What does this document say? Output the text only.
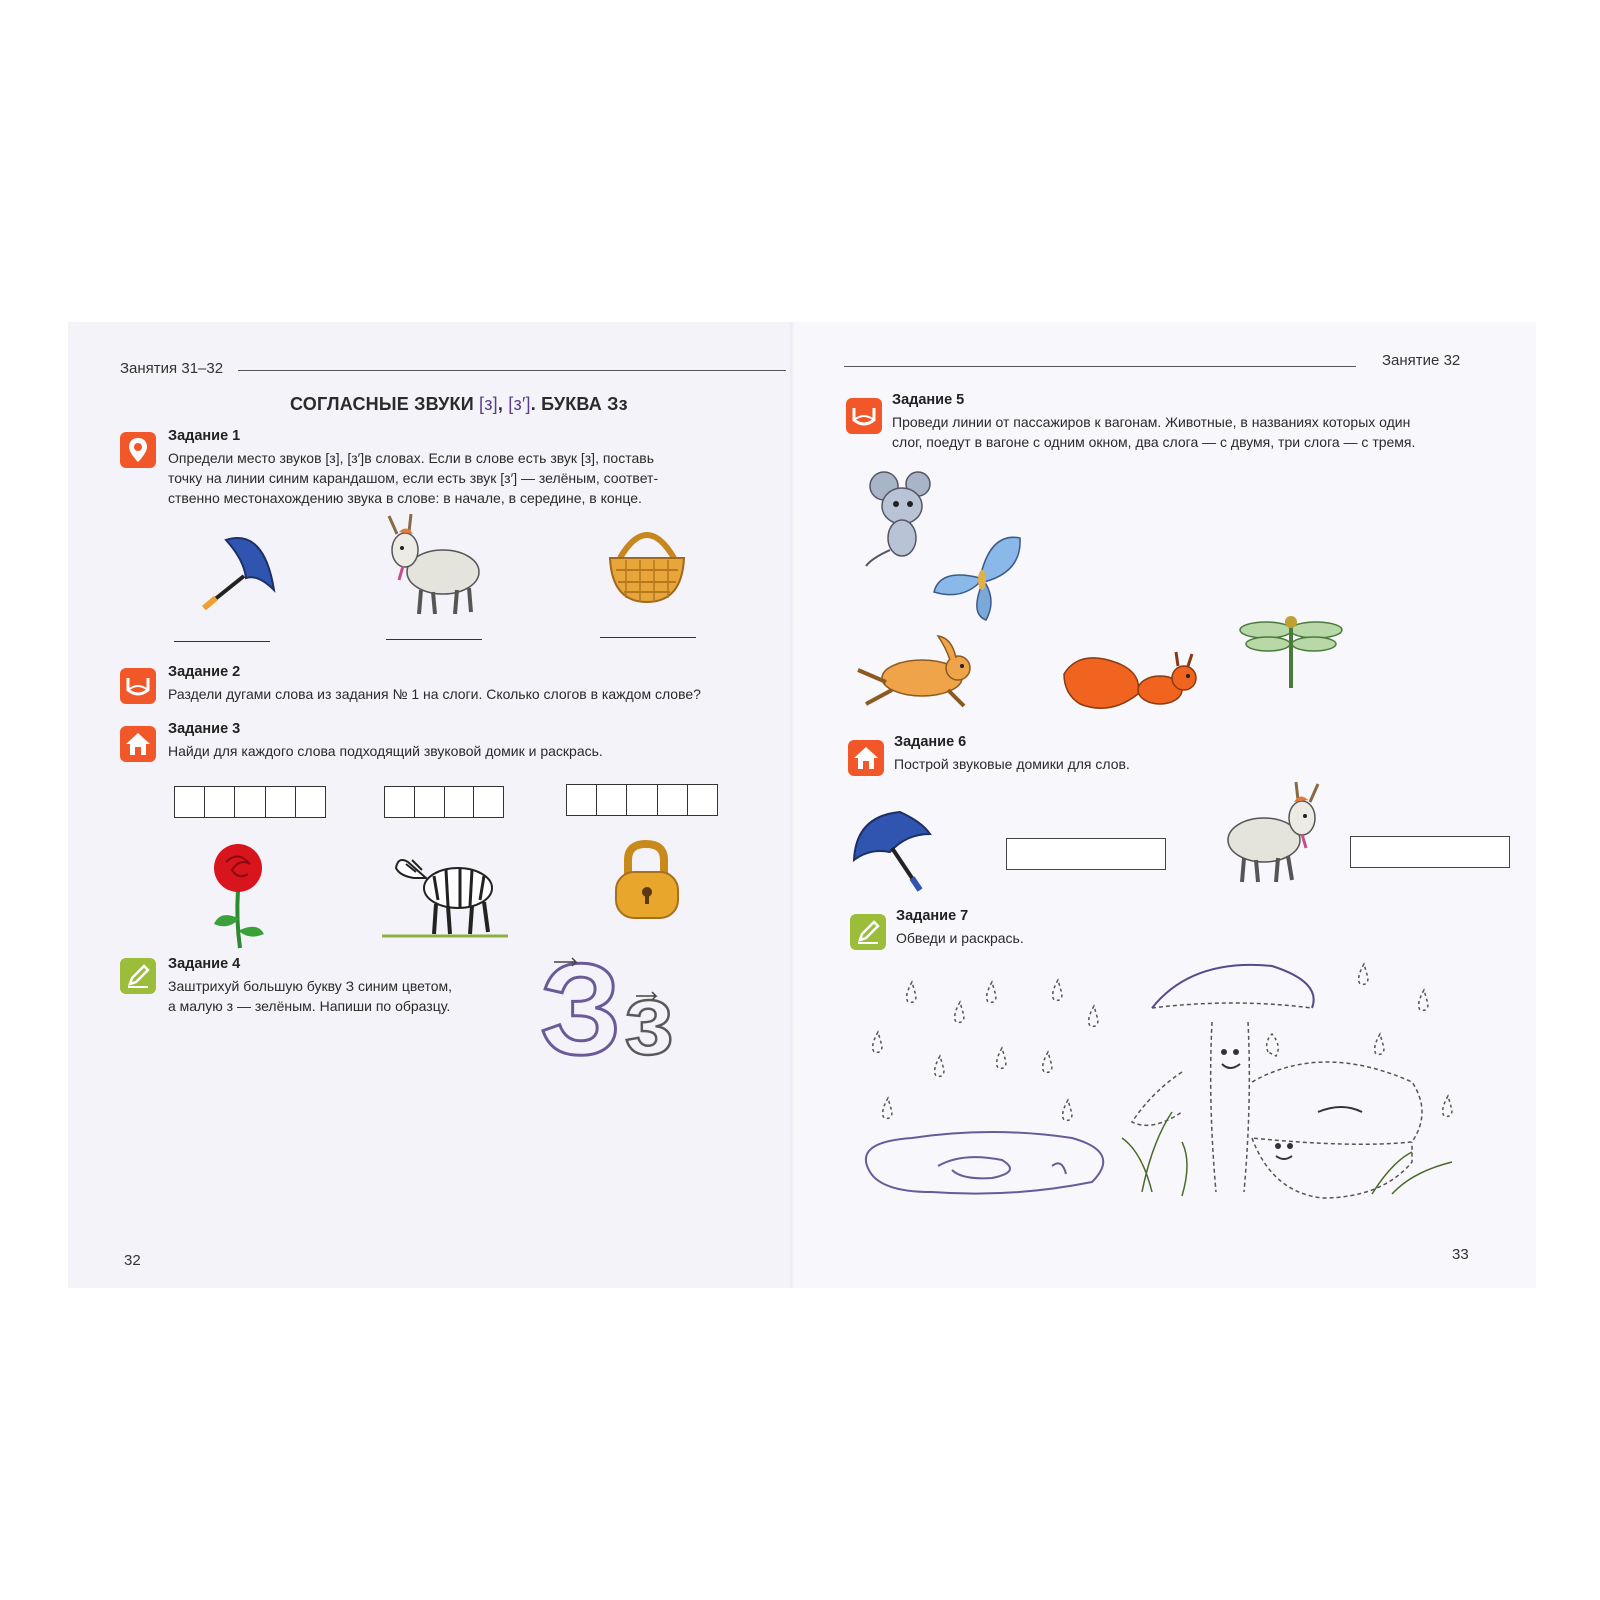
Занятия 31–32
СОГЛАСНЫЕ ЗВУКИ [з], [з′]. БУКВА Зз
Задание 1
Определи место звуков [з], [з′]в словах. Если в слове есть звук [з], поставь
точку на линии синим карандашом, если есть звук [з′] — зелёным, соответ-
ственно местонахождению звука в слове: в начале, в середине, в конце.
Задание 2
Раздели дугами слова из задания № 1 на слоги. Сколько слогов в каждом слове?
Задание 3
Найди для каждого слова подходящий звуковой домик и раскрась.
Задание 4
Заштрихуй большую букву З синим цветом,
а малую з — зелёным. Напиши по образцу. З з
З З З З З З
з з з з з з
32
Занятие 32
Задание 5
Проведи линии от пассажиров к вагонам. Животные, в названиях которых один
слог, поедут в вагоне с одним окном, два слога — с двумя, три слога — с тремя.
Задание 6
Построй звуковые домики для слов.
Задание 7
Обведи и раскрась.
33
